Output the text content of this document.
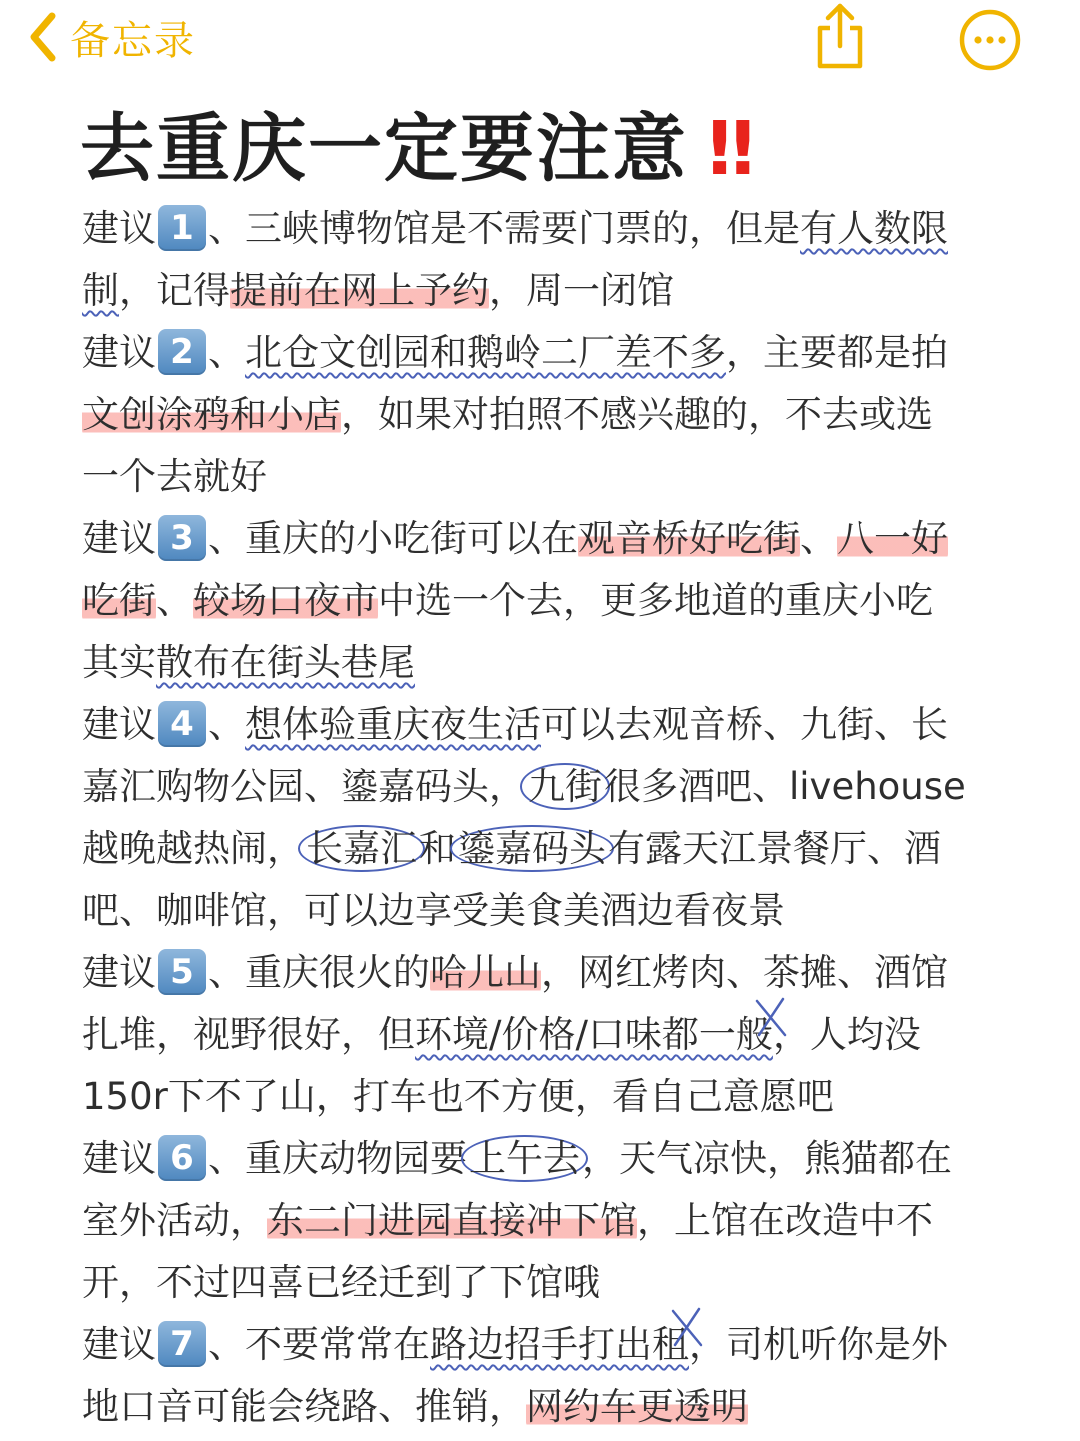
备忘录
去重庆一定要注意 ‼
建议 1 、三峡博物馆是不需要门票的，但是有人数限
制，记得提前在网上予约，周一闭馆
建议 2 、北仓文创园和鹅岭二厂差不多，主要都是拍
文创涂鸦和小店，如果对拍照不感兴趣的，不去或选
一个去就好
建议 3 、重庆的小吃街可以在观音桥好吃街、八一好
吃街、较场口夜市中选一个去，更多地道的重庆小吃
其实散布在街头巷尾
建议 4 、想体验重庆夜生活可以去观音桥、九街、长
嘉汇购物公园、鎏嘉码头，九街很多酒吧、livehouse
越晚越热闹，长嘉汇和鎏嘉码头有露天江景餐厅、酒
吧、咖啡馆，可以边享受美食美酒边看夜景
建议 5 、重庆很火的哈儿山，网红烤肉、茶摊、酒馆
扎堆，视野很好，但环境/价格/口味都一般
，人均没
150r下不了山，打车也不方便，看自己意愿吧
建议 6 、重庆动物园要上午去，天气凉快，熊猫都在
室外活动，东二门进园直接冲下馆，上馆在改造中不
开，不过四喜已经迁到了下馆哦
建议 7 、不要常常在路边招手打出租
，司机听你是外
地口音可能会绕路、推销，网约车更透明
